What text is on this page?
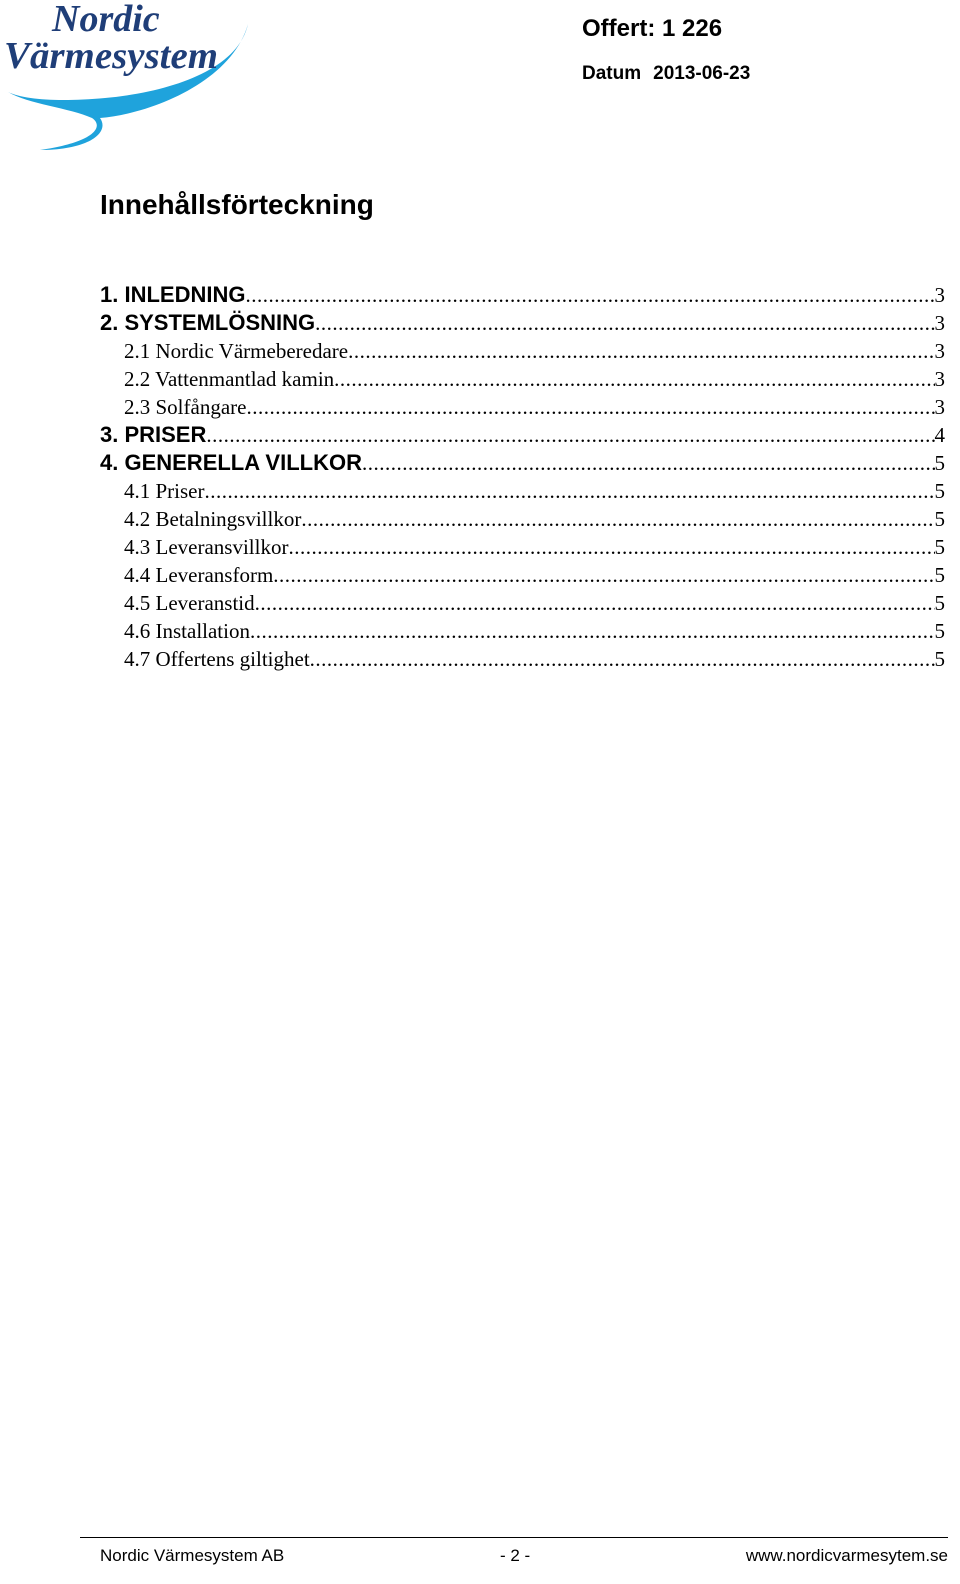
Nordic
Värmesystem
Offert: 1 226
Datum 2013-06-23
Innehållsförteckning
1. INLEDNING .....	3
2. SYSTEMLÖSNING .....	3
2.1 Nordic Värmeberedare .....	3
2.2 Vattenmantlad kamin .....	3
2.3 Solfångare .....	3
3. PRISER .....	4
4. GENERELLA VILLKOR .....	5
4.1 Priser .....	5
4.2 Betalningsvillkor .....	5
4.3 Leveransvillkor .....	5
4.4 Leveransform .....	5
4.5 Leveranstid .....	5
4.6 Installation .....	5
4.7 Offertens giltighet .....	5
Nordic Värmesystem AB	- 2 -	www.nordicvarmesytem.se
